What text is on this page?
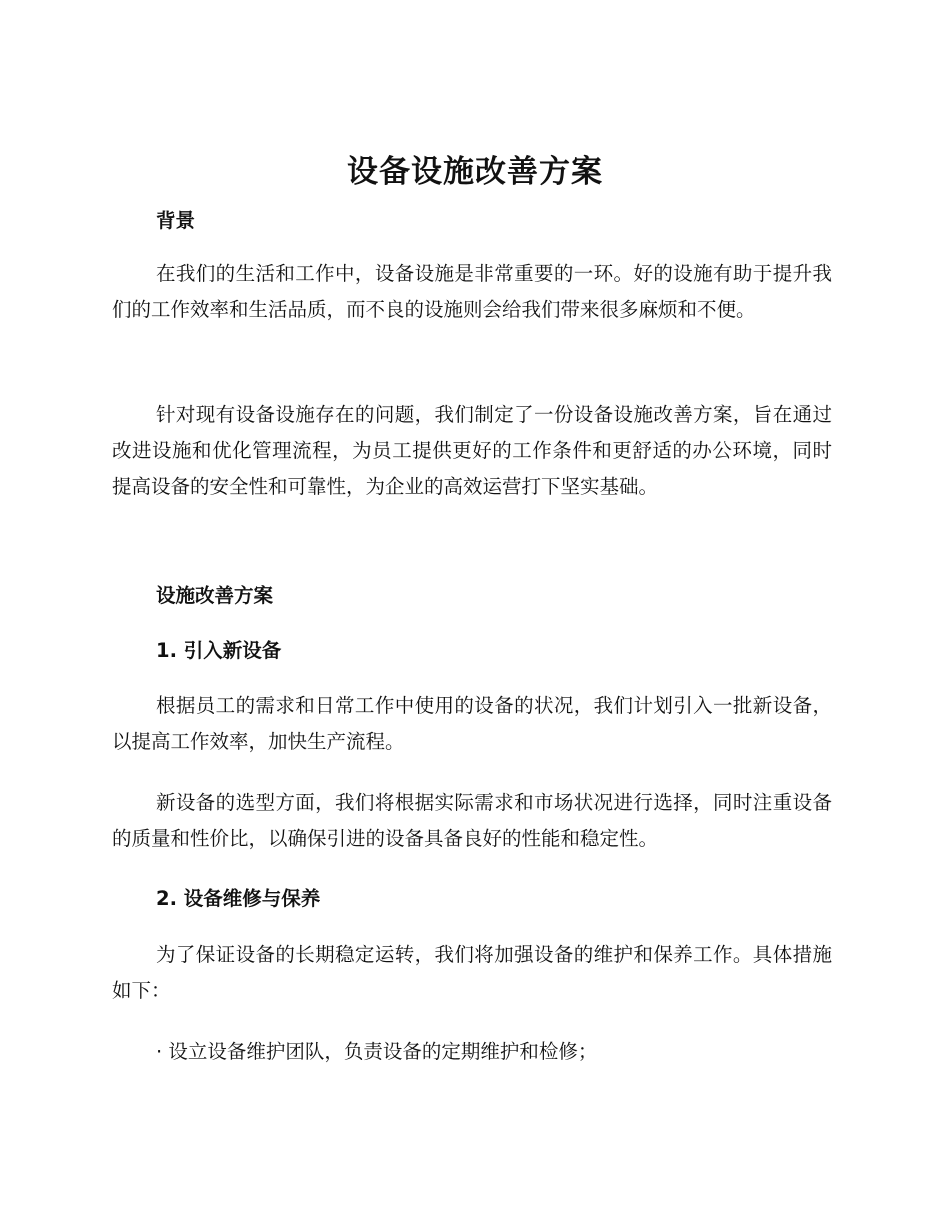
设备设施改善方案
背景

在我们的生活和工作中，设备设施是非常重要的一环。好的设施有助于提升我们的工作效率和生活品质，而不良的设施则会给我们带来很多麻烦和不便。

针对现有设备设施存在的问题，我们制定了一份设备设施改善方案，旨在通过改进设施和优化管理流程，为员工提供更好的工作条件和更舒适的办公环境，同时提高设备的安全性和可靠性，为企业的高效运营打下坚实基础。

设施改善方案
1. 引入新设备

根据员工的需求和日常工作中使用的设备的状况，我们计划引入一批新设备，以提高工作效率，加快生产流程。

新设备的选型方面，我们将根据实际需求和市场状况进行选择，同时注重设备的质量和性价比，以确保引进的设备具备良好的性能和稳定性。

2. 设备维修与保养

为了保证设备的长期稳定运转，我们将加强设备的维护和保养工作。具体措施如下：

· 设立设备维护团队，负责设备的定期维护和检修；
